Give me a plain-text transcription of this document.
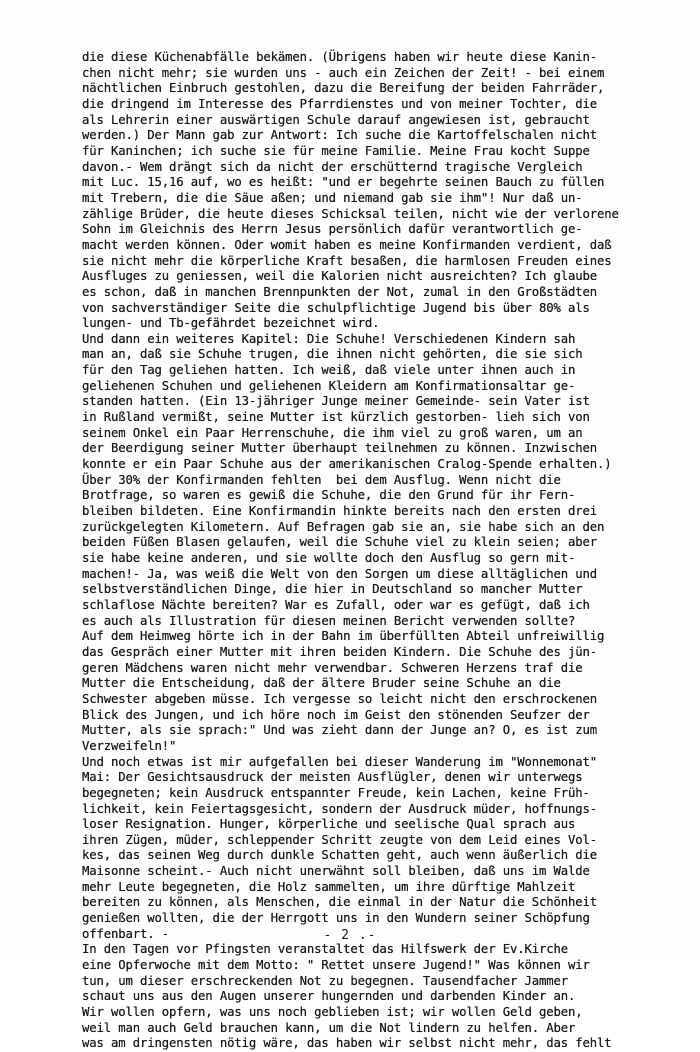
die diese Küchenabfälle bekämen. (Übrigens haben wir heute diese Kanin-
chen nicht mehr; sie wurden uns - auch ein Zeichen der Zeit! - bei einem
nächtlichen Einbruch gestohlen, dazu die Bereifung der beiden Fahrräder,
die dringend im Interesse des Pfarrdienstes und von meiner Tochter, die
als Lehrerin einer auswärtigen Schule darauf angewiesen ist, gebraucht
werden.) Der Mann gab zur Antwort: Ich suche die Kartoffelschalen nicht
für Kaninchen; ich suche sie für meine Familie. Meine Frau kocht Suppe
davon.- Wem drängt sich da nicht der erschütternd tragische Vergleich
mit Luc. 15,16 auf, wo es heißt: "und er begehrte seinen Bauch zu füllen
mit Trebern, die die Säue aßen; und niemand gab sie ihm"! Nur daß un-
zählige Brüder, die heute dieses Schicksal teilen, nicht wie der verlorene
Sohn im Gleichnis des Herrn Jesus persönlich dafür verantwortlich ge-
macht werden können. Oder womit haben es meine Konfirmanden verdient, daß
sie nicht mehr die körperliche Kraft besaßen, die harmlosen Freuden eines
Ausfluges zu geniessen, weil die Kalorien nicht ausreichten? Ich glaube
es schon, daß in manchen Brennpunkten der Not, zumal in den Großstädten
von sachverständiger Seite die schulpflichtige Jugend bis über 80% als
lungen- und Tb-gefährdet bezeichnet wird.
Und dann ein weiteres Kapitel: Die Schuhe! Verschiedenen Kindern sah
man an, daß sie Schuhe trugen, die ihnen nicht gehörten, die sie sich
für den Tag geliehen hatten. Ich weiß, daß viele unter ihnen auch in
geliehenen Schuhen und geliehenen Kleidern am Konfirmationsaltar ge-
standen hatten. (Ein 13-jähriger Junge meiner Gemeinde- sein Vater ist
in Rußland vermißt, seine Mutter ist kürzlich gestorben- lieh sich von
seinem Onkel ein Paar Herrenschuhe, die ihm viel zu groß waren, um an
der Beerdigung seiner Mutter überhaupt teilnehmen zu können. Inzwischen
konnte er ein Paar Schuhe aus der amerikanischen Cralog-Spende erhalten.)
Über 30% der Konfirmanden fehlten  bei dem Ausflug. Wenn nicht die
Brotfrage, so waren es gewiß die Schuhe, die den Grund für ihr Fern-
bleiben bildeten. Eine Konfirmandin hinkte bereits nach den ersten drei
zurückgelegten Kilometern. Auf Befragen gab sie an, sie habe sich an den
beiden Füßen Blasen gelaufen, weil die Schuhe viel zu klein seien; aber
sie habe keine anderen, und sie wollte doch den Ausflug so gern mit-
machen!- Ja, was weiß die Welt von den Sorgen um diese alltäglichen und
selbstverständlichen Dinge, die hier in Deutschland so mancher Mutter
schlaflose Nächte bereiten? War es Zufall, oder war es gefügt, daß ich
es auch als Illustration für diesen meinen Bericht verwenden sollte?
Auf dem Heimweg hörte ich in der Bahn im überfüllten Abteil unfreiwillig
das Gespräch einer Mutter mit ihren beiden Kindern. Die Schuhe des jün-
geren Mädchens waren nicht mehr verwendbar. Schweren Herzens traf die
Mutter die Entscheidung, daß der ältere Bruder seine Schuhe an die
Schwester abgeben müsse. Ich vergesse so leicht nicht den erschrockenen
Blick des Jungen, und ich höre noch im Geist den stönenden Seufzer der
Mutter, als sie sprach:" Und was zieht dann der Junge an? O, es ist zum
Verzweifeln!"
Und noch etwas ist mir aufgefallen bei dieser Wanderung im "Wonnemonat"
Mai: Der Gesichtsausdruck der meisten Ausflügler, denen wir unterwegs
begegneten; kein Ausdruck entspannter Freude, kein Lachen, keine Früh-
lichkeit, kein Feiertagsgesicht, sondern der Ausdruck müder, hoffnungs-
loser Resignation. Hunger, körperliche und seelische Qual sprach aus
ihren Zügen, müder, schleppender Schritt zeugte von dem Leid eines Vol-
kes, das seinen Weg durch dunkle Schatten geht, auch wenn äußerlich die
Maisonne scheint.- Auch nicht unerwähnt soll bleiben, daß uns im Walde
mehr Leute begegneten, die Holz sammelten, um ihre dürftige Mahlzeit
bereiten zu können, als Menschen, die einmal in der Natur die Schönheit
genießen wollten, die der Herrgott uns in den Wundern seiner Schöpfung
offenbart. -
In den Tagen vor Pfingsten veranstaltet das Hilfswerk der Ev.Kirche
eine Opferwoche mit dem Motto: " Rettet unsere Jugend!" Was können wir
tun, um dieser erschreckenden Not zu begegnen. Tausendfacher Jammer
schaut uns aus den Augen unserer hungernden und darbenden Kinder an.
Wir wollen opfern, was uns noch geblieben ist; wir wollen Geld geben,
weil man auch Geld brauchen kann, um die Not lindern zu helfen. Aber
was am dringensten nötig wäre, das haben wir selbst nicht mehr, das fehlt
- 2 .-
